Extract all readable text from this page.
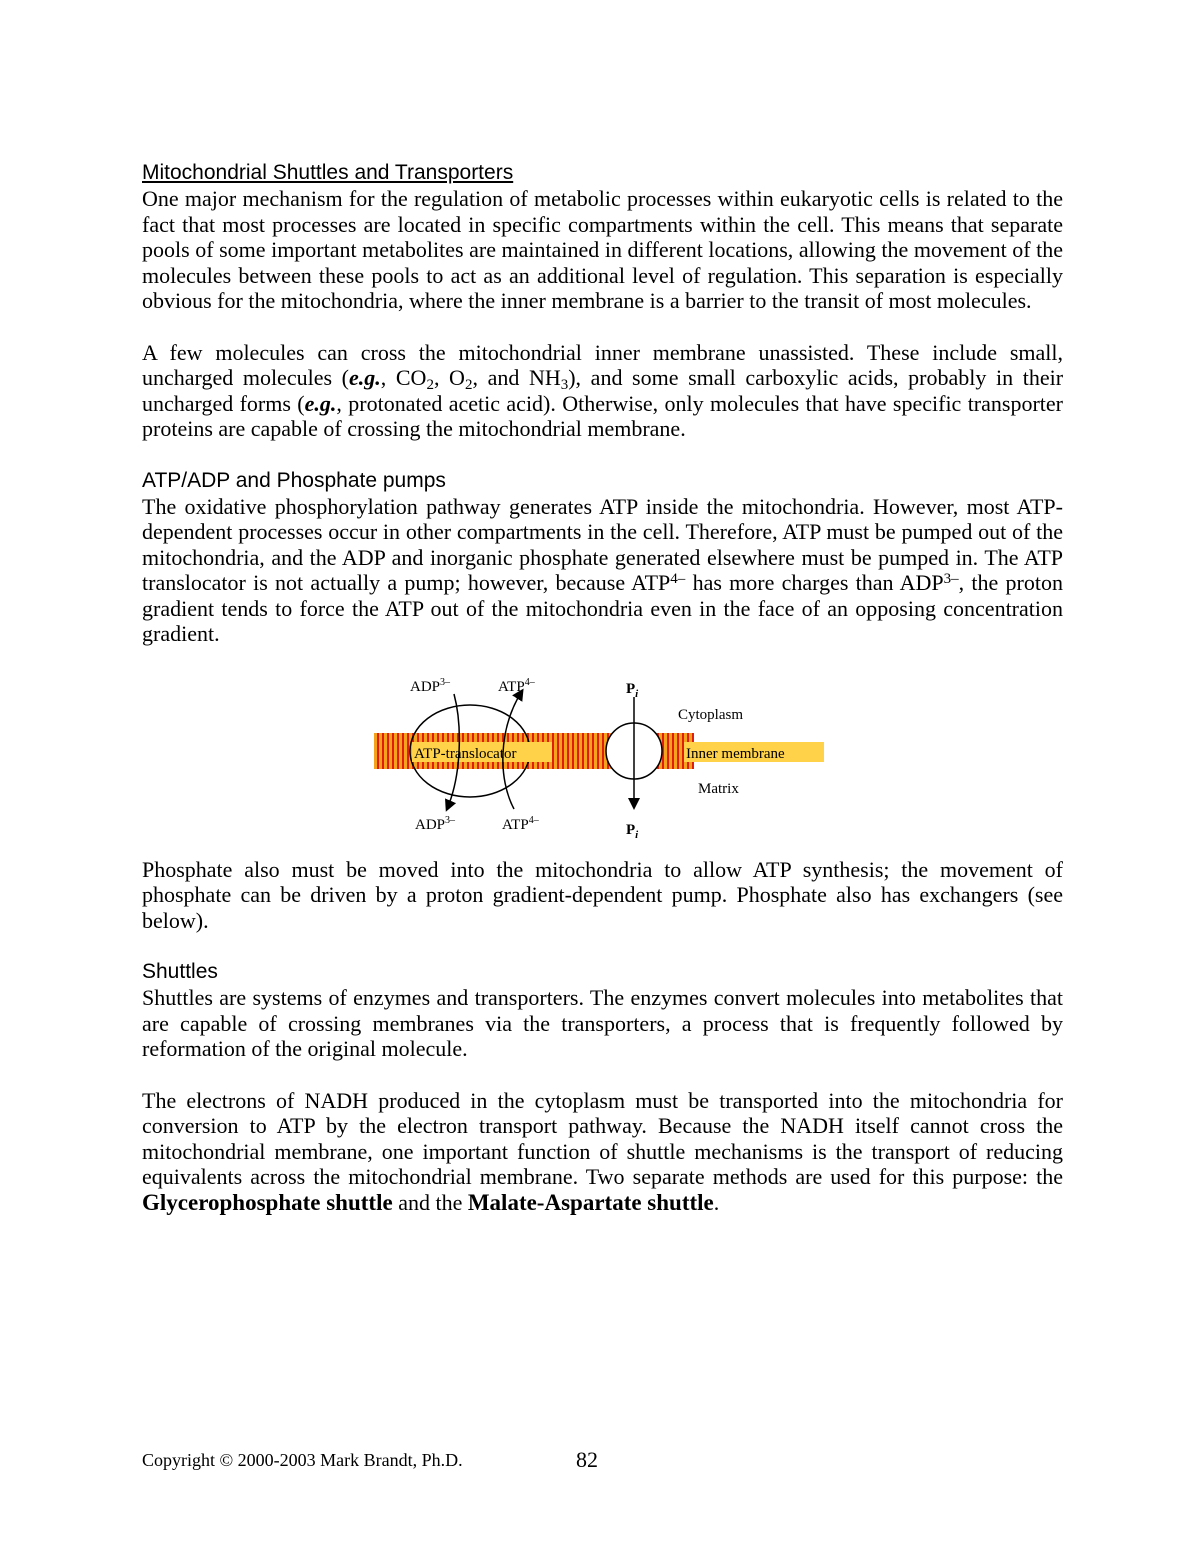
Mitochondrial Shuttles and Transporters

One major mechanism for the regulation of metabolic processes within eukaryotic cells is related to the fact that most processes are located in specific compartments within the cell. This means that separate pools of some important metabolites are maintained in different locations, allowing the movement of the molecules between these pools to act as an additional level of regulation. This separation is especially obvious for the mitochondria, where the inner membrane is a barrier to the transit of most molecules.

A few molecules can cross the mitochondrial inner membrane unassisted. These include small, uncharged molecules (e.g., $CO_2$, $O_2$, and $NH_3$), and some small carboxylic acids, probably in their uncharged forms (e.g., protonated acetic acid). Otherwise, only molecules that have specific transporter proteins are capable of crossing the mitochondrial membrane.

ATP/ADP and Phosphate pumps

The oxidative phosphorylation pathway generates ATP inside the mitochondria. However, most ATP-dependent processes occur in other compartments in the cell. Therefore, ATP must be pumped out of the mitochondria, and the ADP and inorganic phosphate generated elsewhere must be pumped in. The ATP translocator is not actually a pump; however, because $ATP^{4-}$ has more charges than $ADP^{3-}$, the proton gradient tends to force the ATP out of the mitochondria even in the face of an opposing concentration gradient.

$ADP^{3-}$	$ATP^{4-}$	$P_i$
Cytoplasm
ATP-translocator	Inner membrane
Matrix
$ADP^{3-}$	$ATP^{4-}$
$P_i$

Phosphate also must be moved into the mitochondria to allow ATP synthesis; the movement of phosphate can be driven by a proton gradient-dependent pump. Phosphate also has exchangers (see below).

Shuttles

Shuttles are systems of enzymes and transporters. The enzymes convert molecules into metabolites that are capable of crossing membranes via the transporters, a process that is frequently followed by reformation of the original molecule.

The electrons of NADH produced in the cytoplasm must be transported into the mitochondria for conversion to ATP by the electron transport pathway. Because the NADH itself cannot cross the mitochondrial membrane, one important function of shuttle mechanisms is the transport of reducing equivalents across the mitochondrial membrane. Two separate methods are used for this purpose: the Glycerophosphate shuttle and the Malate-Aspartate shuttle.

Copyright © 2000-2003 Mark Brandt, Ph.D.	82
